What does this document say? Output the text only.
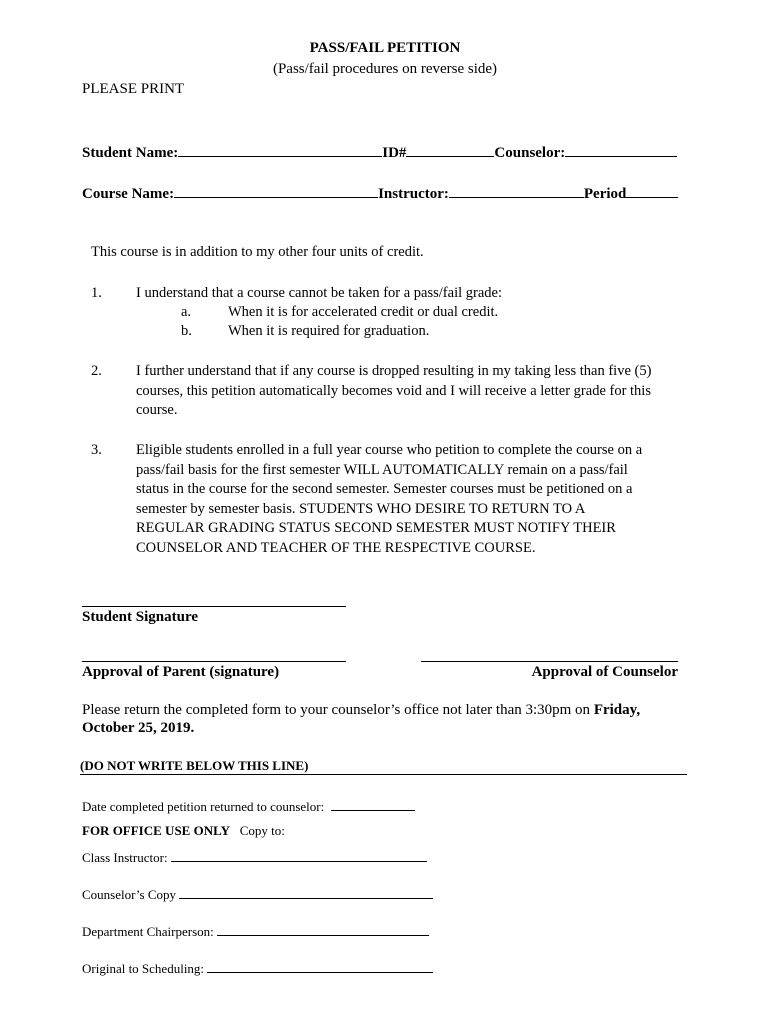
PASS/FAIL PETITION
(Pass/fail procedures on reverse side)
PLEASE PRINT
Student Name:	ID#	Counselor:
Course Name:	Instructor:	Period
This course is in addition to my other four units of credit.
1. I understand that a course cannot be taken for a pass/fail grade:
a.	When it is for accelerated credit or dual credit.
b. When it is required for graduation.
2. I further understand that if any course is dropped resulting in my taking less than five (5)
courses, this petition automatically becomes void and I will receive a letter grade for this
course.
3. Eligible students enrolled in a full year course who petition to complete the course on a
pass/fail basis for the first semester WILL AUTOMATICALLY remain on a pass/fail
status in the course for the second semester. Semester courses must be petitioned on a
semester by semester basis. STUDENTS WHO DESIRE TO RETURN TO A
REGULAR GRADING STATUS SECOND SEMESTER MUST NOTIFY THEIR
COUNSELOR AND TEACHER OF THE RESPECTIVE COURSE.
Student Signature
Approval of Parent (signature)	Approval of Counselor
Please return the completed form to your counselor’s office not later than 3:30pm on Friday,
October 25, 2019.
(DO NOT WRITE BELOW THIS LINE)
Date completed petition returned to counselor:
FOR OFFICE USE ONLY Copy to:
Class Instructor:
Counselor’s Copy
Department Chairperson:
Original to Scheduling:
